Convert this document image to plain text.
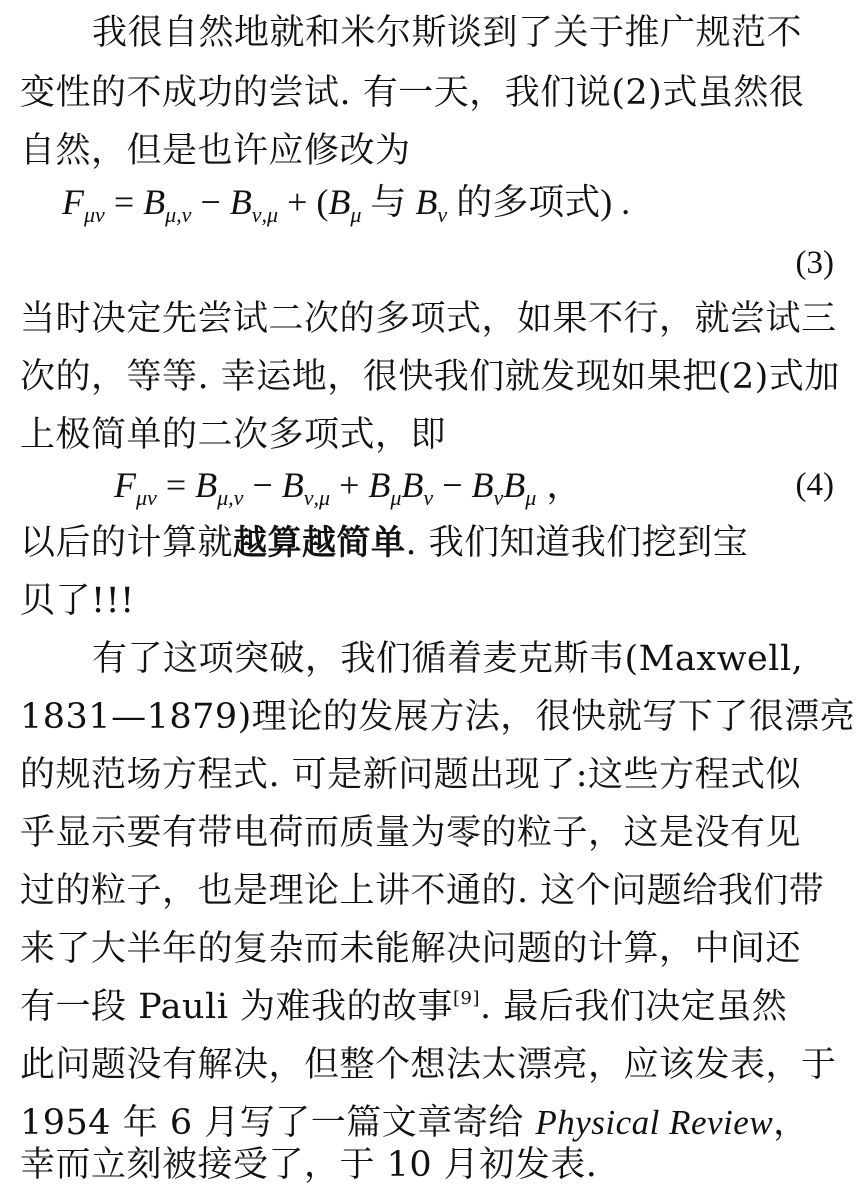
我很自然地就和米尔斯谈到了关于推广规范不
变性的不成功的尝试. 有一天，我们说(2)式虽然很
自然，但是也许应修改为
$F_{\mu\nu} = B_{\mu,\nu} - B_{\nu,\mu} + (B_\mu$ 与 $B_\nu$ 的多项式) .
(3)
当时决定先尝试二次的多项式，如果不行，就尝试三
次的，等等. 幸运地，很快我们就发现如果把(2)式加
上极简单的二次多项式，即
$F_{\mu\nu} = B_{\mu,\nu} - B_{\nu,\mu} + B_\mu B_\nu - B_\nu B_\mu$ ，	(4)
以后的计算就越算越简单. 我们知道我们挖到宝
贝了!!!
有了这项突破，我们循着麦克斯韦(Maxwell,
1831—1879)理论的发展方法，很快就写下了很漂亮
的规范场方程式. 可是新问题出现了:这些方程式似
乎显示要有带电荷而质量为零的粒子，这是没有见
过的粒子，也是理论上讲不通的. 这个问题给我们带
来了大半年的复杂而未能解决问题的计算，中间还
有一段 Pauli 为难我的故事[9]. 最后我们决定虽然
此问题没有解决，但整个想法太漂亮，应该发表，于
1954 年 6 月写了一篇文章寄给 Physical Review，
幸而立刻被接受了，于 10 月初发表.
